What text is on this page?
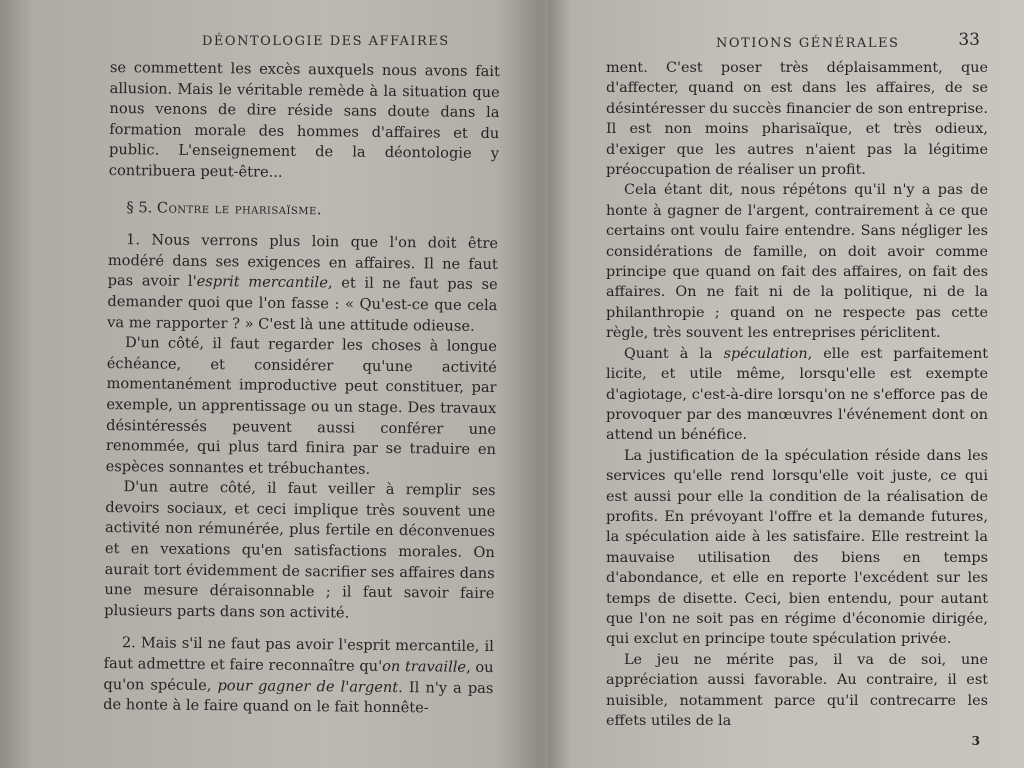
DÉONTOLOGIE DES AFFAIRES

se commettent les excès auxquels nous avons fait allusion. Mais le véritable remède à la situation que nous venons de dire réside sans doute dans la formation morale des hommes d'affaires et du public. L'enseignement de la déontologie y contribuera peut-être...

§ 5. Contre le pharisaïsme.

1. Nous verrons plus loin que l'on doit être modéré dans ses exigences en affaires. Il ne faut pas avoir l'esprit mercantile, et il ne faut pas se demander quoi que l'on fasse : « Qu'est-ce que cela va me rapporter ? » C'est là une attitude odieuse.

D'un côté, il faut regarder les choses à longue échéance, et considérer qu'une activité momentanément improductive peut constituer, par exemple, un apprentissage ou un stage. Des travaux désintéressés peuvent aussi conférer une renommée, qui plus tard finira par se traduire en espèces sonnantes et trébuchantes.

D'un autre côté, il faut veiller à remplir ses devoirs sociaux, et ceci implique très souvent une activité non rémunérée, plus fertile en déconvenues et en vexations qu'en satisfactions morales. On aurait tort évidemment de sacrifier ses affaires dans une mesure déraisonnable ; il faut savoir faire plusieurs parts dans son activité.

2. Mais s'il ne faut pas avoir l'esprit mercantile, il faut admettre et faire reconnaître qu'on travaille, ou qu'on spécule, pour gagner de l'argent. Il n'y a pas de honte à le faire quand on le fait honnête-

NOTIONS GÉNÉRALES	33

ment. C'est poser très déplaisamment, que d'affecter, quand on est dans les affaires, de se désintéresser du succès financier de son entreprise. Il est non moins pharisaïque, et très odieux, d'exiger que les autres n'aient pas la légitime préoccupation de réaliser un profit.

Cela étant dit, nous répétons qu'il n'y a pas de honte à gagner de l'argent, contrairement à ce que certains ont voulu faire entendre. Sans négliger les considérations de famille, on doit avoir comme principe que quand on fait des affaires, on fait des affaires. On ne fait ni de la politique, ni de la philanthropie ; quand on ne respecte pas cette règle, très souvent les entreprises périclitent.

Quant à la spéculation, elle est parfaitement licite, et utile même, lorsqu'elle est exempte d'agiotage, c'est-à-dire lorsqu'on ne s'efforce pas de provoquer par des manœuvres l'événement dont on attend un bénéfice.

La justification de la spéculation réside dans les services qu'elle rend lorsqu'elle voit juste, ce qui est aussi pour elle la condition de la réalisation de profits. En prévoyant l'offre et la demande futures, la spéculation aide à les satisfaire. Elle restreint la mauvaise utilisation des biens en temps d'abondance, et elle en reporte l'excédent sur les temps de disette. Ceci, bien entendu, pour autant que l'on ne soit pas en régime d'économie dirigée, qui exclut en principe toute spéculation privée.

Le jeu ne mérite pas, il va de soi, une appréciation aussi favorable. Au contraire, il est nuisible, notamment parce qu'il contrecarre les effets utiles de la

3
